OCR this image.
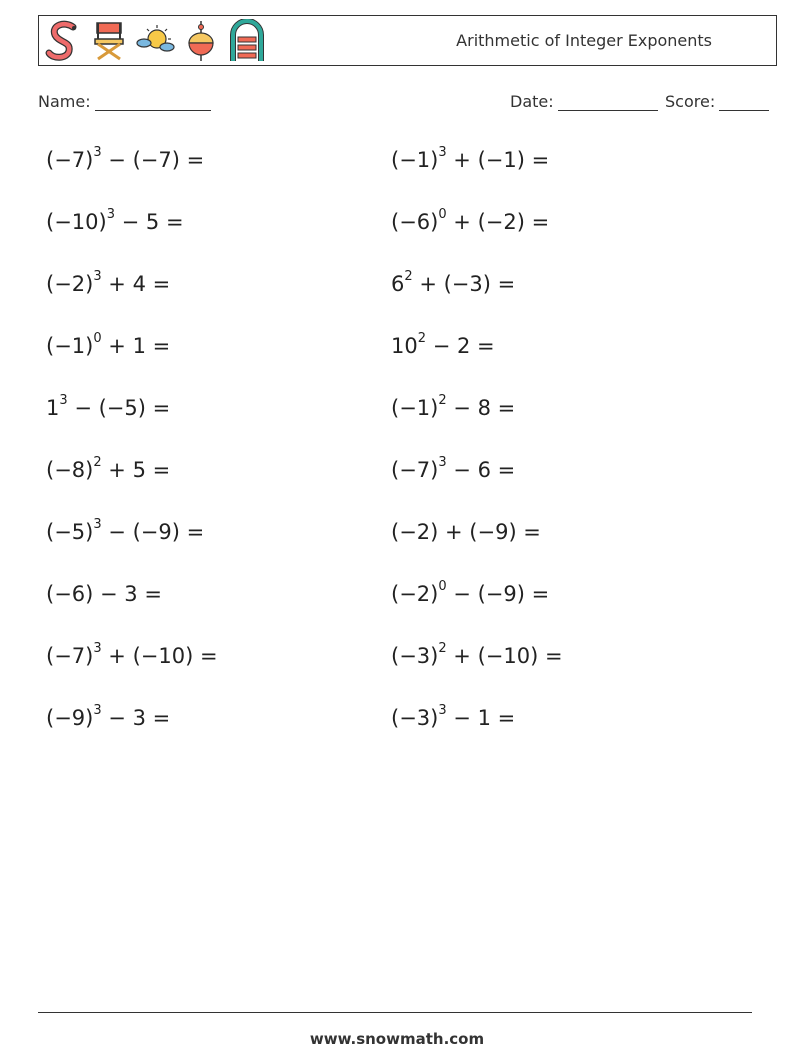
Arithmetic of Integer Exponents
Name:	Date:	Score:
$(-7)^3 - (-7)$ =	$(-1)^3 + (-1)$ =
$(-10)^3 - 5$ =	$(-6)^0 + (-2)$ =
$(-2)^3 + 4$ =	$6^2 + (-3)$ =
$(-1)^0 + 1$ =	$10^2 - 2$ =
$1^3 - (-5)$ =	$(-1)^2 - 8$ =
$(-8)^2 + 5$ =	$(-7)^3 - 6$ =
$(-5)^3 - (-9)$ =	(−2) + (−9) =
(−6) − 3 =	$(-2)^0 - (-9)$ =
$(-7)^3 + (-10)$ =	$(-3)^2 + (-10)$ =
$(-9)^3 - 3$ =	$(-3)^3 - 1$ =
www.snowmath.com
